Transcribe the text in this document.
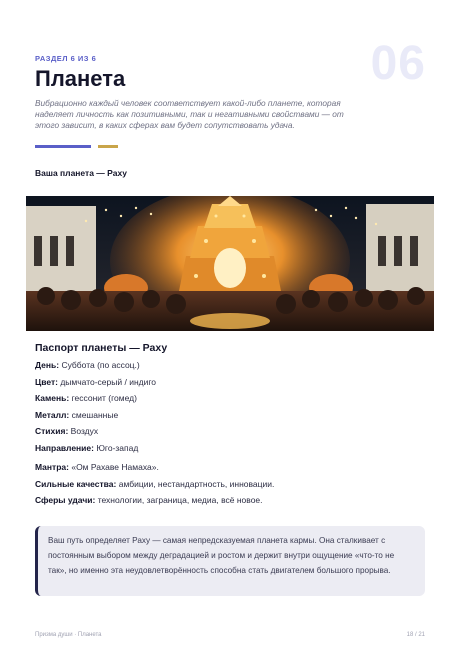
РАЗДЕЛ 6 ИЗ 6	06
Планета

Вибрационно каждый человек соответствует какой-либо планете, которая наделяет личность как позитивными, так и негативными свойствами — от этого зависит, в каких сферах вам будет сопутствовать удача.

Ваша планета — Раху
Паспорт планеты — Раху
День: Суббота (по ассоц.)
Цвет: дымчато-серый / индиго
Камень: гессонит (гомед)
Металл: смешанные
Стихия: Воздух
Направление: Юго-запад
Мантра: «Ом Рахаве Намаха».
Сильные качества: амбиции, нестандартность, инновации.
Сферы удачи: технологии, заграница, медиа, всё новое.

Ваш путь определяет Раху — самая непредсказуемая планета кармы. Она сталкивает с постоянным выбором между деградацией и ростом и держит внутри ощущение «что-то не так», но именно эта неудовлетворённость способна стать двигателем большого прорыва.

Призма души · Планета	18 / 21
